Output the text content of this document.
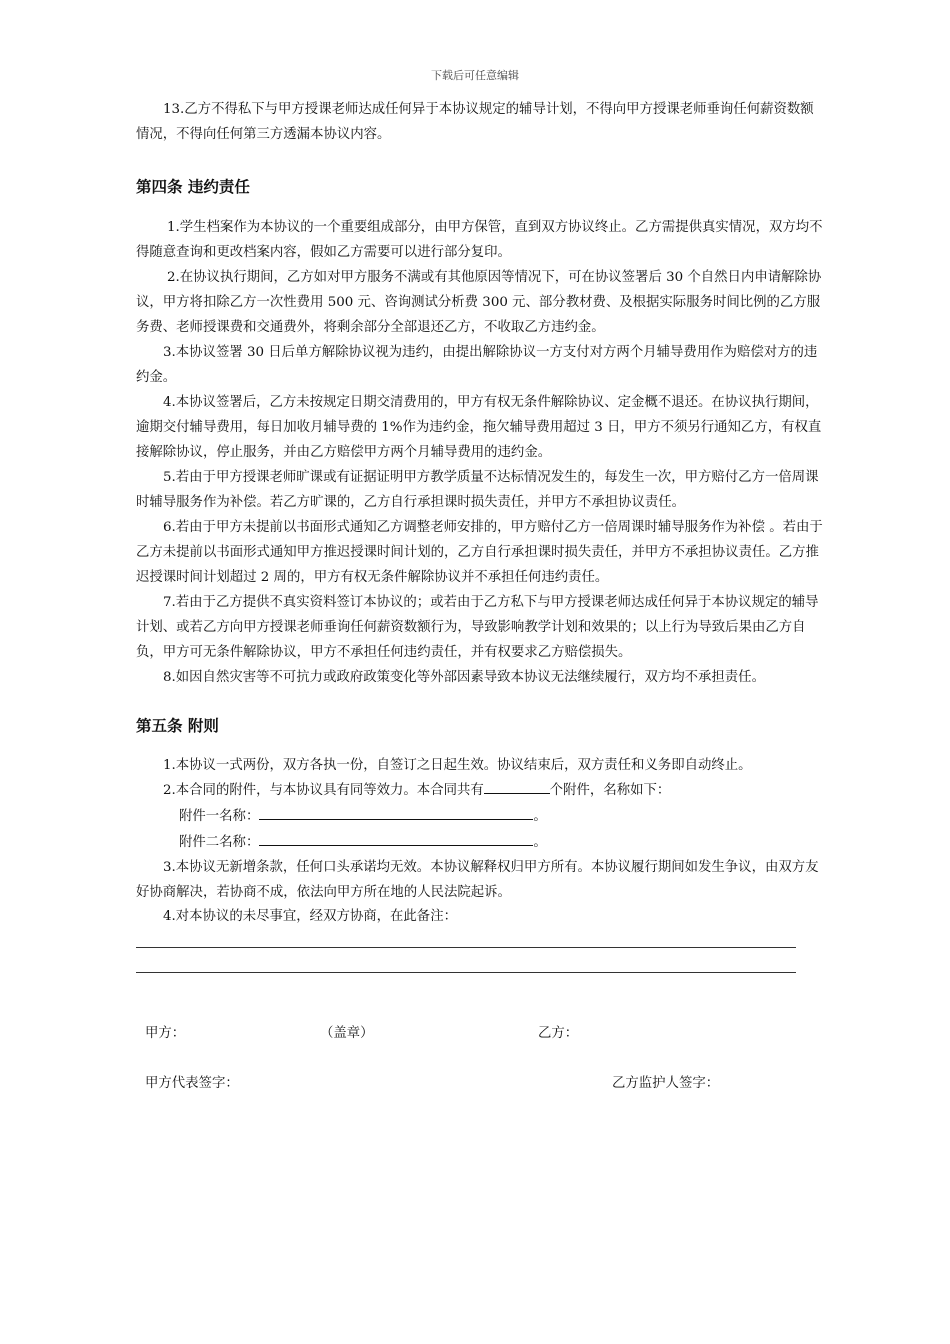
下载后可任意编辑

13.乙方不得私下与甲方授课老师达成任何异于本协议规定的辅导计划，不得向甲方授课老师垂询任何薪资数额情况，不得向任何第三方透漏本协议内容。

第四条 违约责任

1.学生档案作为本协议的一个重要组成部分，由甲方保管，直到双方协议终止。乙方需提供真实情况，双方均不得随意查询和更改档案内容，假如乙方需要可以进行部分复印。

2.在协议执行期间，乙方如对甲方服务不满或有其他原因等情况下，可在协议签署后 30 个自然日内申请解除协议，甲方将扣除乙方一次性费用 500 元、咨询测试分析费 300 元、部分教材费、及根据实际服务时间比例的乙方服务费、老师授课费和交通费外，将剩余部分全部退还乙方，不收取乙方违约金。

3.本协议签署 30 日后单方解除协议视为违约，由提出解除协议一方支付对方两个月辅导费用作为赔偿对方的违约金。

4.本协议签署后，乙方未按规定日期交清费用的，甲方有权无条件解除协议、定金概不退还。在协议执行期间，逾期交付辅导费用，每日加收月辅导费的 1%作为违约金，拖欠辅导费用超过 3 日，甲方不须另行通知乙方，有权直接解除协议，停止服务，并由乙方赔偿甲方两个月辅导费用的违约金。

5.若由于甲方授课老师旷课或有证据证明甲方教学质量不达标情况发生的，每发生一次，甲方赔付乙方一倍周课时辅导服务作为补偿。若乙方旷课的，乙方自行承担课时损失责任，并甲方不承担协议责任。

6.若由于甲方未提前以书面形式通知乙方调整老师安排的，甲方赔付乙方一倍周课时辅导服务作为补偿 。若由于乙方未提前以书面形式通知甲方推迟授课时间计划的，乙方自行承担课时损失责任，并甲方不承担协议责任。乙方推迟授课时间计划超过 2 周的，甲方有权无条件解除协议并不承担任何违约责任。

7.若由于乙方提供不真实资料签订本协议的；或若由于乙方私下与甲方授课老师达成任何异于本协议规定的辅导计划、或若乙方向甲方授课老师垂询任何薪资数额行为，导致影响教学计划和效果的；以上行为导致后果由乙方自负，甲方可无条件解除协议，甲方不承担任何违约责任，并有权要求乙方赔偿损失。

8.如因自然灾害等不可抗力或政府政策变化等外部因素导致本协议无法继续履行，双方均不承担责任。

第五条 附则

1.本协议一式两份，双方各执一份，自签订之日起生效。协议结束后，双方责任和义务即自动终止。

2.本合同的附件，与本协议具有同等效力。本合同共有	个附件，名称如下：

附件一名称：	。

附件二名称：	。

3.本协议无新增条款，任何口头承诺均无效。本协议解释权归甲方所有。本协议履行期间如发生争议，由双方友好协商解决，若协商不成，依法向甲方所在地的人民法院起诉。

4.对本协议的未尽事宜，经双方协商，在此备注：

甲方：	（盖章）	乙方：
甲方代表签字：	乙方监护人签字：
